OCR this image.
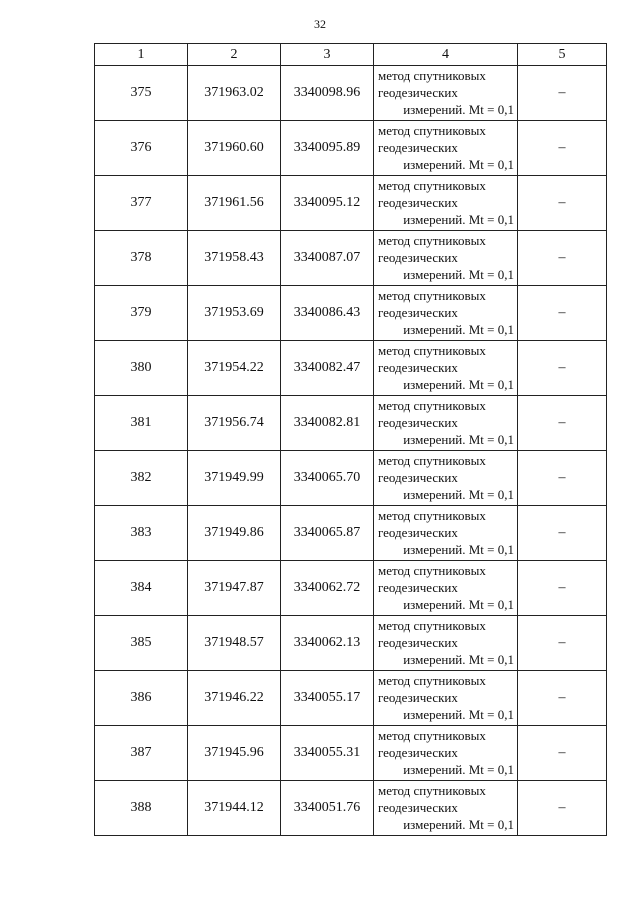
32
1	2	3	4	5
375	371963.02	3340098.96	метод спутниковых
геодезических
измерений. Mt = 0,1	–
376	371960.60	3340095.89	метод спутниковых
геодезических
измерений. Mt = 0,1	–
377	371961.56	3340095.12	метод спутниковых
геодезических
измерений. Mt = 0,1	–
378	371958.43	3340087.07	метод спутниковых
геодезических
измерений. Mt = 0,1	–
379	371953.69	3340086.43	метод спутниковых
геодезических
измерений. Mt = 0,1	–
380	371954.22	3340082.47	метод спутниковых
геодезических
измерений. Mt = 0,1	–
381	371956.74	3340082.81	метод спутниковых
геодезических
измерений. Mt = 0,1	–
382	371949.99	3340065.70	метод спутниковых
геодезических
измерений. Mt = 0,1	–
383	371949.86	3340065.87	метод спутниковых
геодезических
измерений. Mt = 0,1	–
384	371947.87	3340062.72	метод спутниковых
геодезических
измерений. Mt = 0,1	–
385	371948.57	3340062.13	метод спутниковых
геодезических
измерений. Mt = 0,1	–
386	371946.22	3340055.17	метод спутниковых
геодезических
измерений. Mt = 0,1	–
387	371945.96	3340055.31	метод спутниковых
геодезических
измерений. Mt = 0,1	–
388	371944.12	3340051.76	метод спутниковых
геодезических
измерений. Mt = 0,1	–
